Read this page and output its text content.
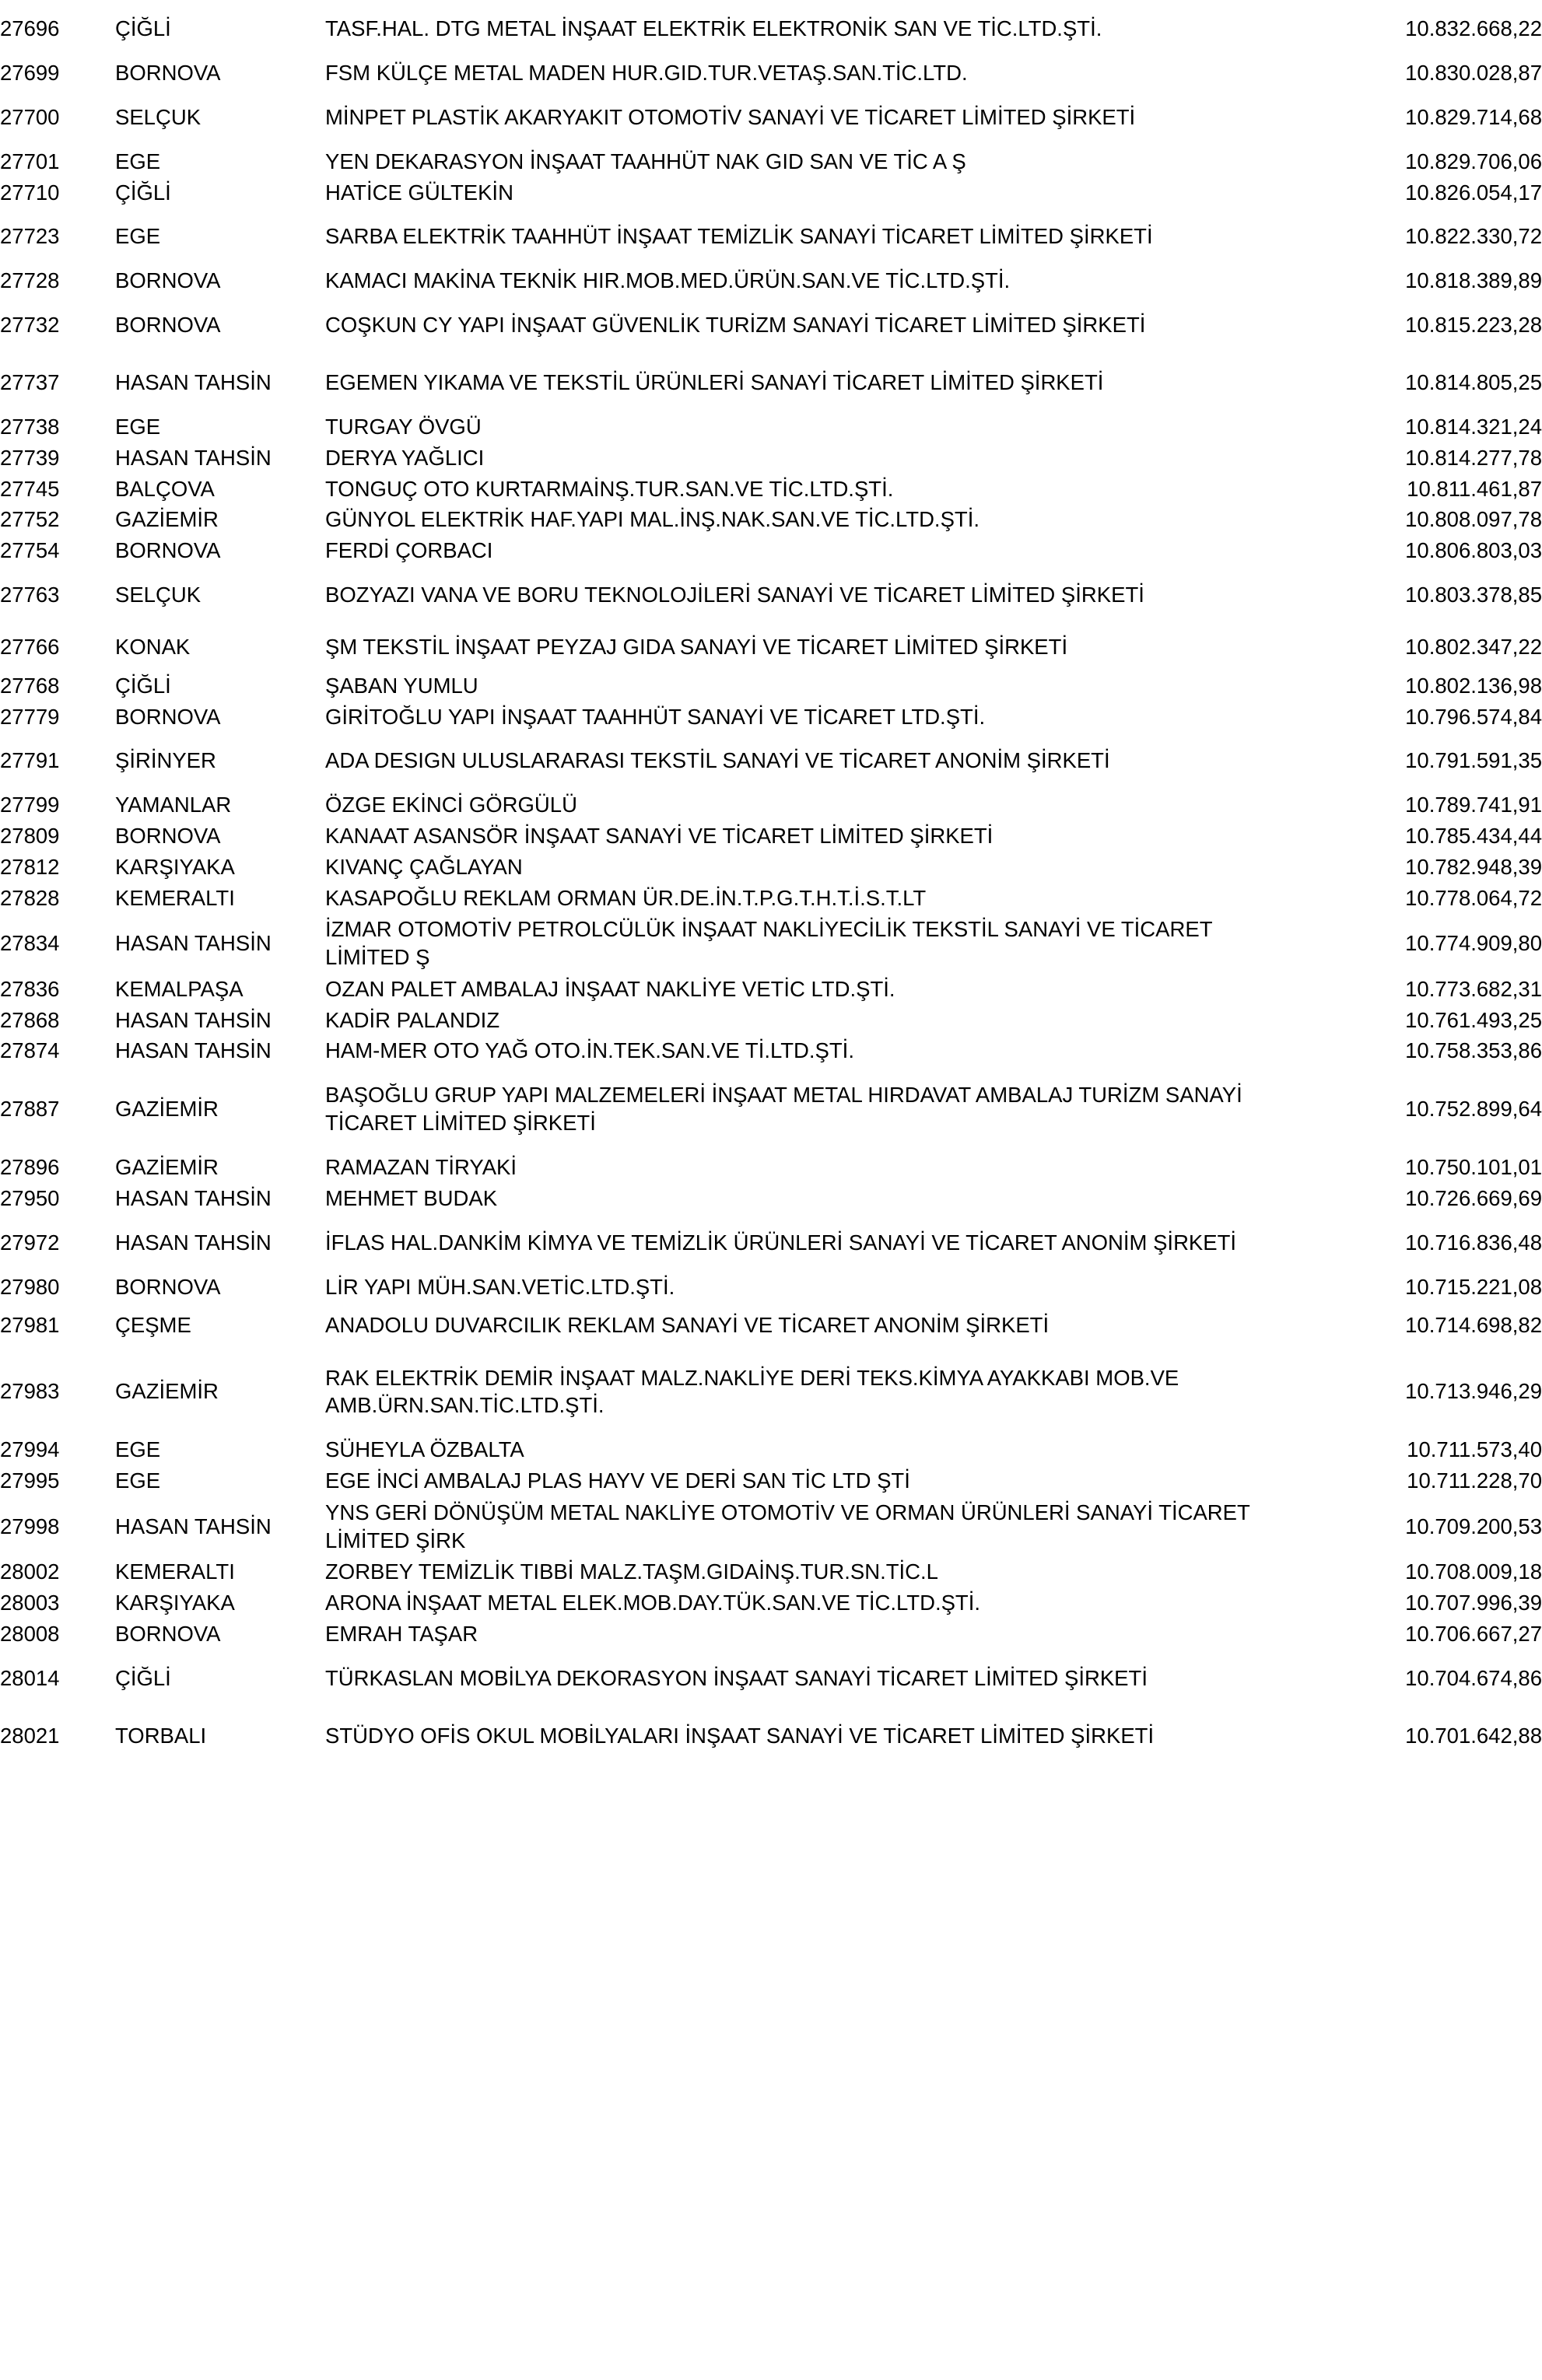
27696	ÇİĞLİ	TASF.HAL. DTG METAL İNŞAAT ELEKTRİK ELEKTRONİK SAN VE TİC.LTD.ŞTİ.	10.832.668,22
27699	BORNOVA	FSM KÜLÇE METAL MADEN HUR.GID.TUR.VETAŞ.SAN.TİC.LTD.	10.830.028,87
27700	SELÇUK	MİNPET PLASTİK AKARYAKIT OTOMOTİV SANAYİ VE TİCARET LİMİTED ŞİRKETİ	10.829.714,68
27701	EGE	YEN DEKARASYON İNŞAAT TAAHHÜT NAK GID SAN VE TİC A Ş	10.829.706,06
27710	ÇİĞLİ	HATİCE GÜLTEKİN	10.826.054,17
27723	EGE	SARBA ELEKTRİK TAAHHÜT İNŞAAT TEMİZLİK SANAYİ TİCARET LİMİTED ŞİRKETİ	10.822.330,72
27728	BORNOVA	KAMACI MAKİNA TEKNİK HIR.MOB.MED.ÜRÜN.SAN.VE TİC.LTD.ŞTİ.	10.818.389,89
27732	BORNOVA	COŞKUN CY YAPI İNŞAAT GÜVENLİK TURİZM SANAYİ TİCARET LİMİTED ŞİRKETİ	10.815.223,28
27737	HASAN TAHSİN	EGEMEN YIKAMA VE TEKSTİL ÜRÜNLERİ SANAYİ TİCARET LİMİTED ŞİRKETİ	10.814.805,25
27738	EGE	TURGAY ÖVGÜ	10.814.321,24
27739	HASAN TAHSİN	DERYA YAĞLICI	10.814.277,78
27745	BALÇOVA	TONGUÇ OTO KURTARMAİNŞ.TUR.SAN.VE TİC.LTD.ŞTİ.	10.811.461,87
27752	GAZİEMİR	GÜNYOL ELEKTRİK HAF.YAPI MAL.İNŞ.NAK.SAN.VE TİC.LTD.ŞTİ.	10.808.097,78
27754	BORNOVA	FERDİ ÇORBACI	10.806.803,03
27763	SELÇUK	BOZYAZI VANA VE BORU TEKNOLOJİLERİ SANAYİ VE TİCARET LİMİTED ŞİRKETİ	10.803.378,85
27766	KONAK	ŞM TEKSTİL İNŞAAT PEYZAJ GIDA SANAYİ VE TİCARET LİMİTED ŞİRKETİ	10.802.347,22
27768	ÇİĞLİ	ŞABAN YUMLU	10.802.136,98
27779	BORNOVA	GİRİTOĞLU YAPI İNŞAAT TAAHHÜT SANAYİ VE TİCARET LTD.ŞTİ.	10.796.574,84
27791	ŞİRİNYER	ADA DESIGN ULUSLARARASI TEKSTİL SANAYİ VE TİCARET ANONİM ŞİRKETİ	10.791.591,35
27799	YAMANLAR	ÖZGE EKİNCİ GÖRGÜLÜ	10.789.741,91
27809	BORNOVA	KANAAT ASANSÖR İNŞAAT SANAYİ VE TİCARET LİMİTED ŞİRKETİ	10.785.434,44
27812	KARŞIYAKA	KIVANÇ ÇAĞLAYAN	10.782.948,39
27828	KEMERALTI	KASAPOĞLU REKLAM ORMAN ÜR.DE.İN.T.P.G.T.H.T.İ.S.T.LT	10.778.064,72
27834	HASAN TAHSİN	İZMAR OTOMOTİV PETROLCÜLÜK İNŞAAT NAKLİYECİLİK TEKSTİL SANAYİ VE TİCARET LİMİTED Ş	10.774.909,80
27836	KEMALPAŞA	OZAN PALET AMBALAJ İNŞAAT NAKLİYE VETİC LTD.ŞTİ.	10.773.682,31
27868	HASAN TAHSİN	KADİR PALANDIZ	10.761.493,25
27874	HASAN TAHSİN	HAM-MER OTO YAĞ OTO.İN.TEK.SAN.VE Tİ.LTD.ŞTİ.	10.758.353,86
27887	GAZİEMİR	BAŞOĞLU GRUP YAPI MALZEMELERİ İNŞAAT METAL HIRDAVAT AMBALAJ TURİZM SANAYİ TİCARET LİMİTED ŞİRKETİ	10.752.899,64
27896	GAZİEMİR	RAMAZAN TİRYAKİ	10.750.101,01
27950	HASAN TAHSİN	MEHMET BUDAK	10.726.669,69
27972	HASAN TAHSİN	İFLAS HAL.DANKİM KİMYA VE TEMİZLİK ÜRÜNLERİ SANAYİ VE TİCARET ANONİM ŞİRKETİ	10.716.836,48
27980	BORNOVA	LİR YAPI MÜH.SAN.VETİC.LTD.ŞTİ.	10.715.221,08
27981	ÇEŞME	ANADOLU DUVARCILIK REKLAM SANAYİ VE TİCARET ANONİM ŞİRKETİ	10.714.698,82
27983	GAZİEMİR	RAK ELEKTRİK DEMİR İNŞAAT MALZ.NAKLİYE DERİ TEKS.KİMYA AYAKKABI MOB.VE AMB.ÜRN.SAN.TİC.LTD.ŞTİ.	10.713.946,29
27994	EGE	SÜHEYLA ÖZBALTA	10.711.573,40
27995	EGE	EGE İNCİ AMBALAJ PLAS HAYV VE DERİ SAN TİC LTD ŞTİ	10.711.228,70
27998	HASAN TAHSİN	YNS GERİ DÖNÜŞÜM METAL NAKLİYE OTOMOTİV VE ORMAN ÜRÜNLERİ SANAYİ TİCARET LİMİTED ŞİRK	10.709.200,53
28002	KEMERALTI	ZORBEY TEMİZLİK TIBBİ MALZ.TAŞM.GIDAİNŞ.TUR.SN.TİC.L	10.708.009,18
28003	KARŞIYAKA	ARONA İNŞAAT METAL ELEK.MOB.DAY.TÜK.SAN.VE TİC.LTD.ŞTİ.	10.707.996,39
28008	BORNOVA	EMRAH TAŞAR	10.706.667,27
28014	ÇİĞLİ	TÜRKASLAN MOBİLYA DEKORASYON İNŞAAT SANAYİ TİCARET LİMİTED ŞİRKETİ	10.704.674,86
28021	TORBALI	STÜDYO OFİS OKUL MOBİLYALARI İNŞAAT SANAYİ VE TİCARET LİMİTED ŞİRKETİ	10.701.642,88
